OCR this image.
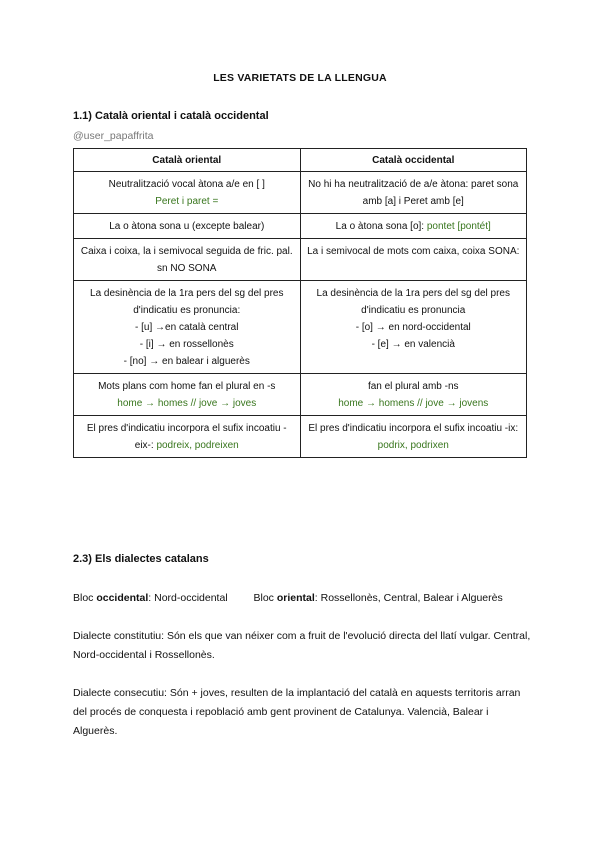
LES VARIETATS DE LA LLENGUA
1.1) Català oriental i català occidental
@user_papaffrita
Català oriental	Català occidental

Neutralització vocal àtona a/e en [ ]
Peret i paret =	No hi ha neutralització de a/e àtona: paret sona amb [a] i Peret amb [e]
La o àtona sona u (excepte balear)	La o àtona sona [o]: pontet [pontét]
Caixa i coixa, la i semivocal seguida de fric. pal. sn NO SONA	La i semivocal de mots com caixa, coixa SONA:

La desinència de la 1ra pers del sg del pres d'indicatiu es pronuncia:
- [u] →en català central
- [i] → en rossellonès
- [no] → en balear i alguerès	La desinència de la 1ra pers del sg del pres d'indicatiu es pronuncia
- [o] → en nord-occidental
- [e] → en valencià

Mots plans com home fan el plural en -s
home → homes // jove → joves	fan el plural amb -ns
home → homens // jove → jovens

El pres d'indicatiu incorpora el sufix incoatiu -eix-: podreix, podreixen	El pres d'indicatiu incorpora el sufix incoatiu -ix: podrix, podrixen
2.3) Els dialectes catalans
Bloc occidental: Nord-occidental Bloc oriental: Rossellonès, Central, Balear i Alguerès
Dialecte constitutiu: Són els que van néixer com a fruit de l'evolució directa del llatí vulgar. Central, Nord-occidental i Rossellonès.
Dialecte consecutiu: Són + joves, resulten de la implantació del català en aquests territoris arran del procés de conquesta i repoblació amb gent provinent de Catalunya. Valencià, Balear i Alguerès.
